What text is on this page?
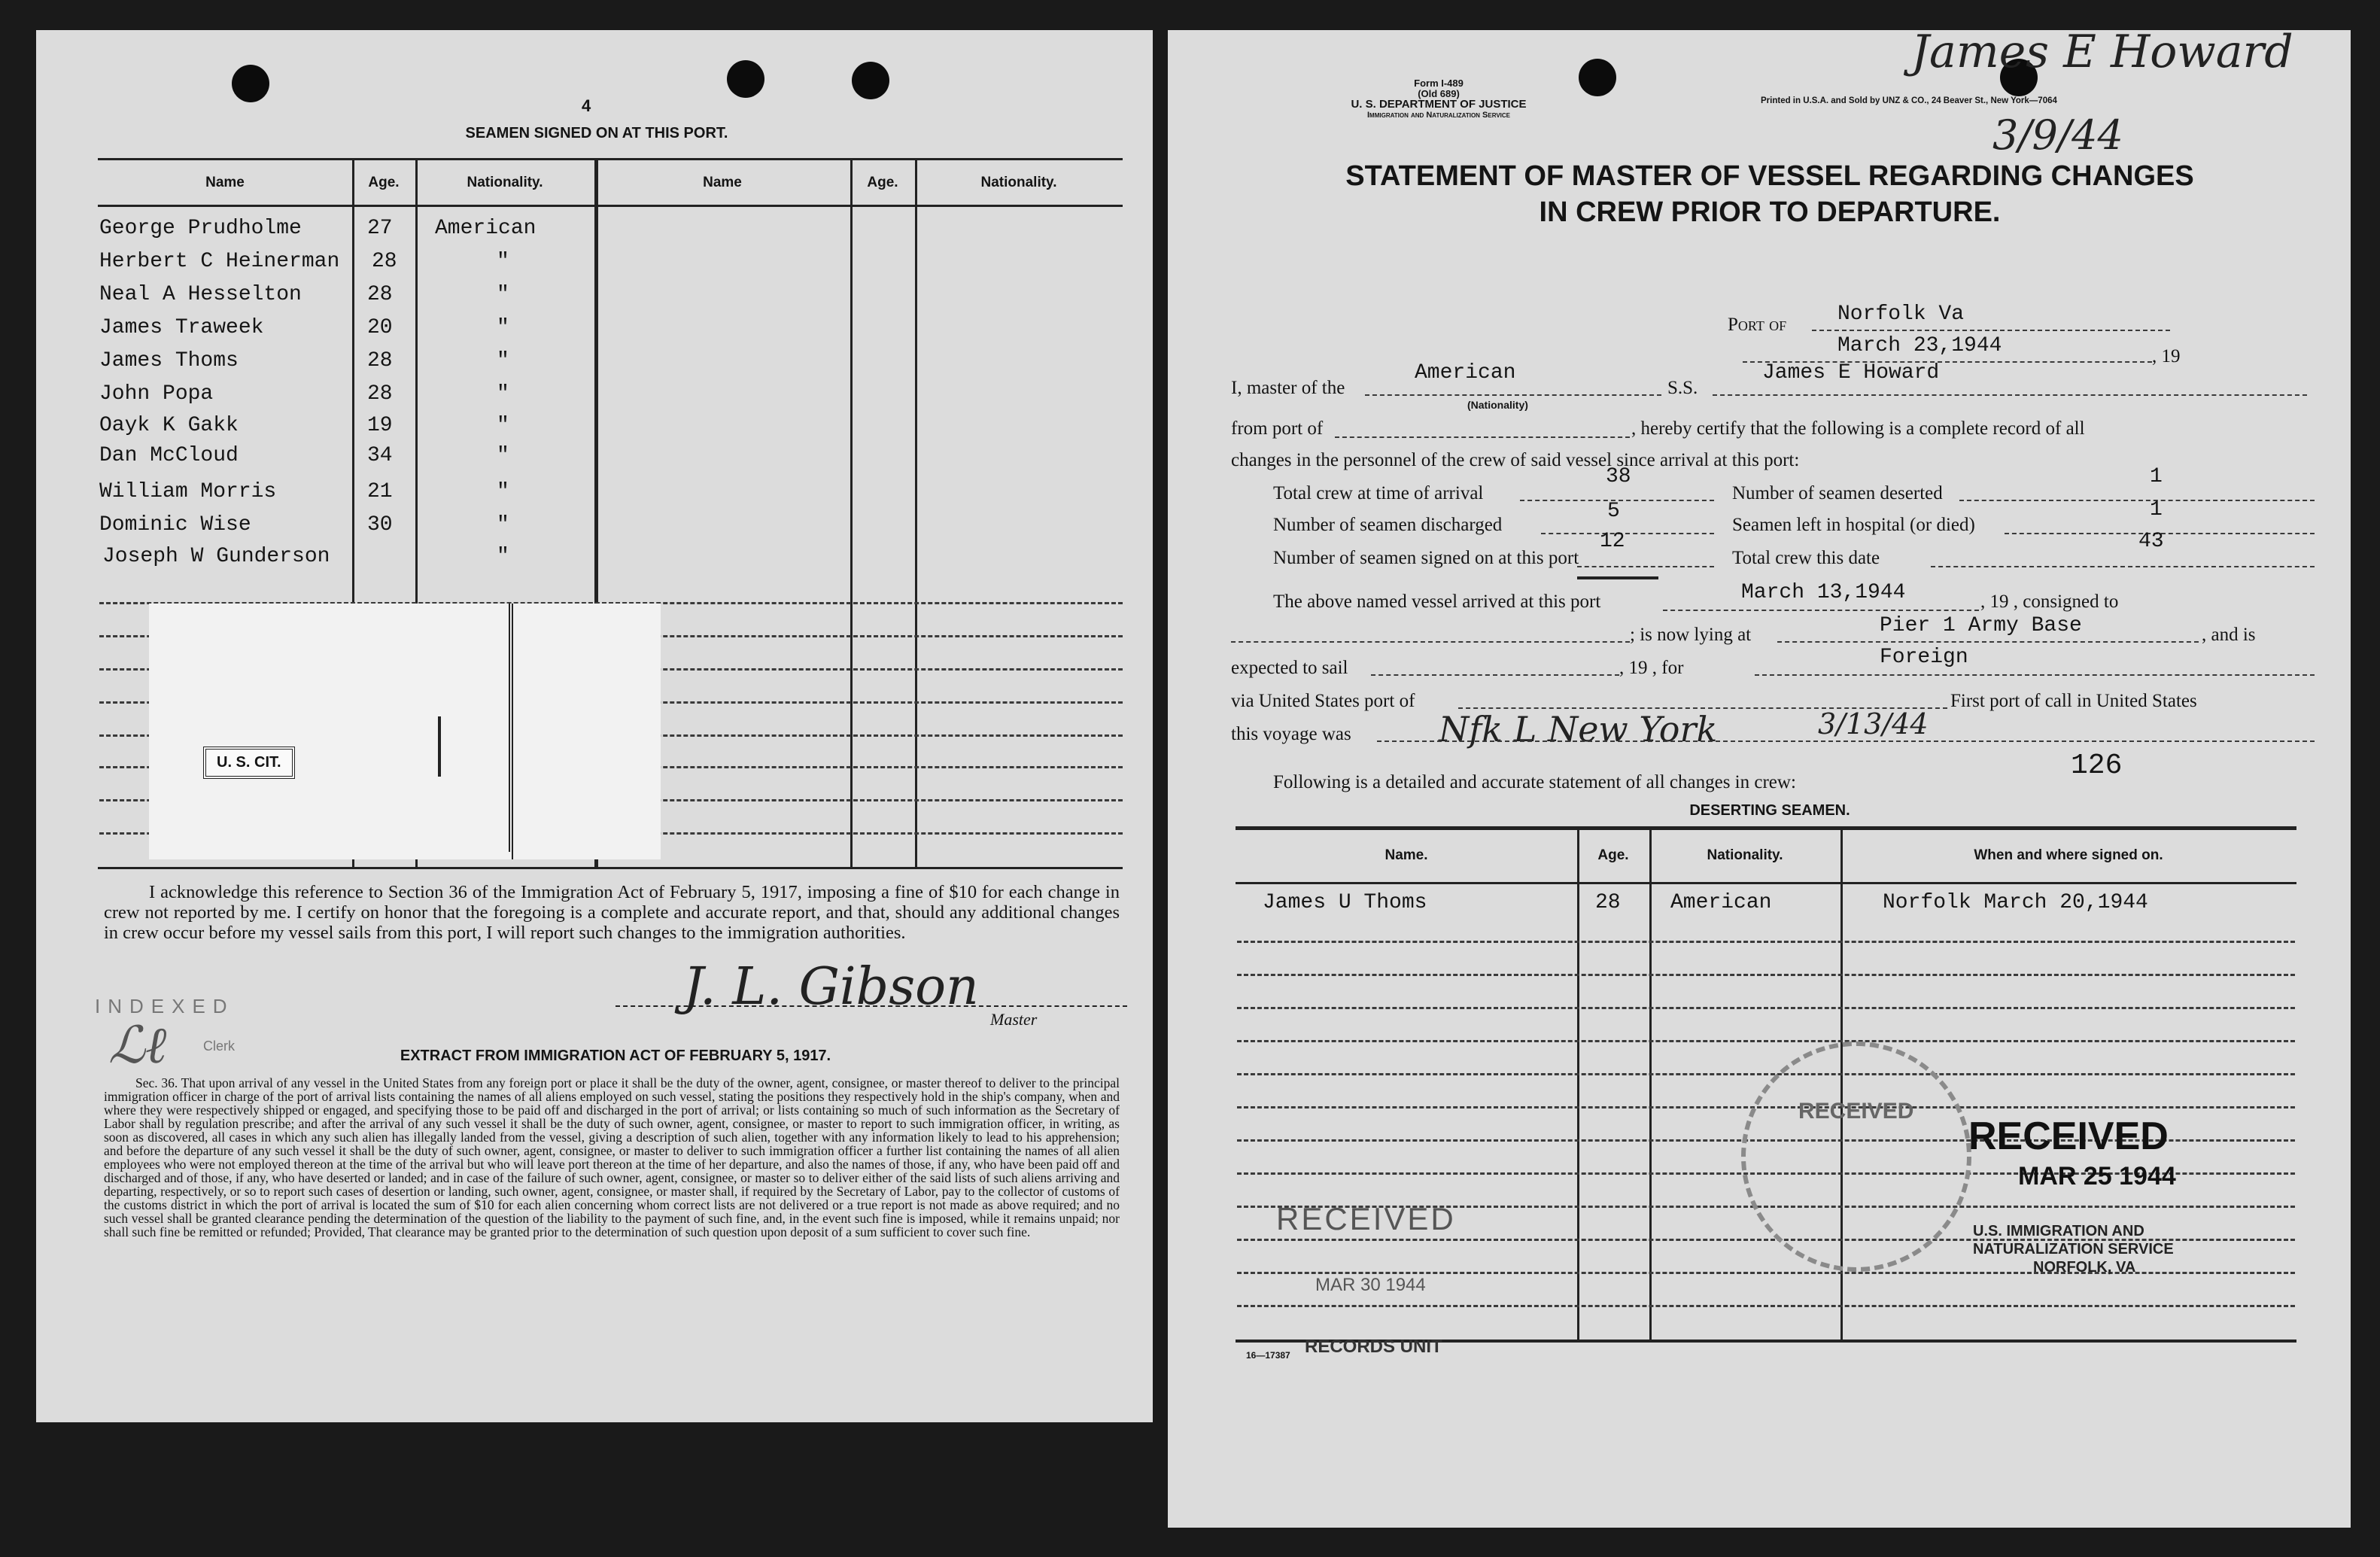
4
SEAMEN SIGNED ON AT THIS PORT.
Name	Age.	Nationality.	Name	Age.	Nationality.
George Prudholme	27 American
Herbert C Heinerman 28	"
Neal A Hesselton	28	"
James Traweek	20	"
James Thoms	28	"
John Popa	28	"
Oayk K Gakk	19	"
Dan McCloud	34	"
William Morris	21	"
Dominic Wise	30	"
Joseph W Gunderson	"
U. S. CIT.
I acknowledge this reference to Section 36 of the Immigration Act of February 5, 1917, imposing a fine of $10 for each change in crew not reported by me. I certify on honor that the foregoing is a complete and accurate report, and that, should any additional changes in crew occur before my vessel sails from this port, I will report such changes to the immigration authorities.
J. L. Gibson
Master
INDEXED
ℒℓ	Clerk
EXTRACT FROM IMMIGRATION ACT OF FEBRUARY 5, 1917.
Sec. 36. That upon arrival of any vessel in the United States from any foreign port or place it shall be the duty of the owner, agent, consignee, or master thereof to deliver to the principal immigration officer in charge of the port of arrival lists containing the names of all aliens employed on such vessel, stating the positions they respectively hold in the ship's company, when and where they were respectively shipped or engaged, and specifying those to be paid off and discharged in the port of arrival; or lists containing so much of such information as the Secretary of Labor shall by regulation prescribe; and after the arrival of any such vessel it shall be the duty of such owner, agent, consignee, or master to report to such immigration officer, in writing, as soon as discovered, all cases in which any such alien has illegally landed from the vessel, giving a description of such alien, together with any information likely to lead to his apprehension; and before the departure of any such vessel it shall be the duty of such owner, agent, consignee, or master to deliver to such immigration officer a further list containing the names of all alien employees who were not employed thereon at the time of the arrival but who will leave port thereon at the time of her departure, and also the names of those, if any, who have been paid off and discharged and of those, if any, who have deserted or landed; and in case of the failure of such owner, agent, consignee, or master so to deliver either of the said lists of such aliens arriving and departing, respectively, or so to report such cases of desertion or landing, such owner, agent, consignee, or master shall, if required by the Secretary of Labor, pay to the collector of customs of the customs district in which the port of arrival is located the sum of $10 for each alien concerning whom correct lists are not delivered or a true report is not made as above required; and no such vessel shall be granted clearance pending the determination of the question of the liability to the payment of such fine, and, in the event such fine is imposed, while it remains unpaid; nor shall such fine be remitted or refunded; Provided, That clearance may be granted prior to the determination of such question upon deposit of a sum sufficient to cover such fine.
James E Howard
3/9/44
Form I-489
(Old 689)
U. S. DEPARTMENT OF JUSTICE
Immigration and Naturalization Service
Printed in U.S.A. and Sold by UNZ & CO., 24 Beaver St., New York—7064
STATEMENT OF MASTER OF VESSEL REGARDING CHANGES
IN CREW PRIOR TO DEPARTURE.
Port of Norfolk Va
March 23,1944	, 19
I, master of the
American
(Nationality)
S.S.
James E Howard
from port of	, hereby certify that the following is a complete record of all
changes in the personnel of the crew of said vessel since arrival at this port:
Total crew at time of arrival
38
Number of seamen deserted
1
Number of seamen discharged
5
Seamen left in hospital (or died)
1
Number of seamen signed on at this port
12
Total crew this date
43
The above named vessel arrived at this port	March 13,1944	, 19 , consigned to
; is now lying at	Pier 1 Army Base	, and is
expected to sail	, 19 , for	Foreign
via United States port of	First port of call in United States
this voyage was	Nfk L New York	3/13/44
Following is a detailed and accurate statement of all changes in crew:
126
DESERTING SEAMEN.
Name.	Age.	Nationality.	When and where signed on.
James U Thoms	28 American	Norfolk March 20,1944
RECEIVED
MAR 30 1944
RECORDS UNIT
RECEIVED
RECEIVED
MAR 25 1944
U.S. IMMIGRATION AND
NATURALIZATION SERVICE
NORFOLK, VA
16—17387
